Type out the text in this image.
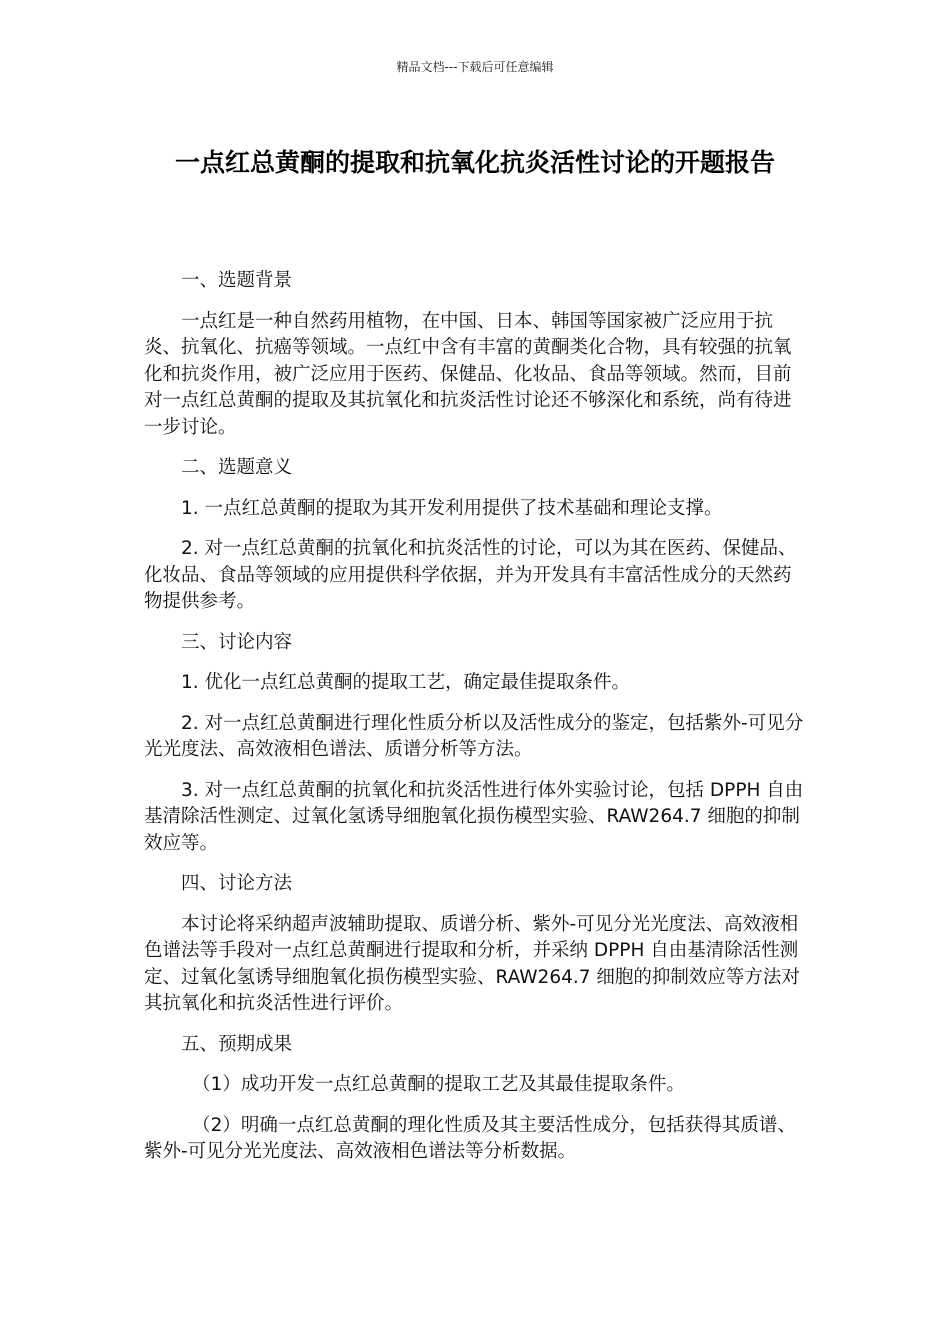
精品文档---下载后可任意编辑
一点红总黄酮的提取和抗氧化抗炎活性讨论的开题报告

一、选题背景

一点红是一种自然药用植物，在中国、日本、韩国等国家被广泛应用于抗炎、抗氧化、抗癌等领域。一点红中含有丰富的黄酮类化合物，具有较强的抗氧化和抗炎作用，被广泛应用于医药、保健品、化妆品、食品等领域。然而，目前对一点红总黄酮的提取及其抗氧化和抗炎活性讨论还不够深化和系统，尚有待进一步讨论。

二、选题意义

1. 一点红总黄酮的提取为其开发利用提供了技术基础和理论支撑。

2. 对一点红总黄酮的抗氧化和抗炎活性的讨论，可以为其在医药、保健品、化妆品、食品等领域的应用提供科学依据，并为开发具有丰富活性成分的天然药物提供参考。

三、讨论内容

1. 优化一点红总黄酮的提取工艺，确定最佳提取条件。

2. 对一点红总黄酮进行理化性质分析以及活性成分的鉴定，包括紫外-可见分光光度法、高效液相色谱法、质谱分析等方法。

3. 对一点红总黄酮的抗氧化和抗炎活性进行体外实验讨论，包括 DPPH 自由基清除活性测定、过氧化氢诱导细胞氧化损伤模型实验、RAW264.7 细胞的抑制效应等。

四、讨论方法

本讨论将采纳超声波辅助提取、质谱分析、紫外-可见分光光度法、高效液相色谱法等手段对一点红总黄酮进行提取和分析，并采纳 DPPH 自由基清除活性测定、过氧化氢诱导细胞氧化损伤模型实验、RAW264.7 细胞的抑制效应等方法对其抗氧化和抗炎活性进行评价。

五、预期成果

（1）成功开发一点红总黄酮的提取工艺及其最佳提取条件。

（2）明确一点红总黄酮的理化性质及其主要活性成分，包括获得其质谱、紫外-可见分光光度法、高效液相色谱法等分析数据。
